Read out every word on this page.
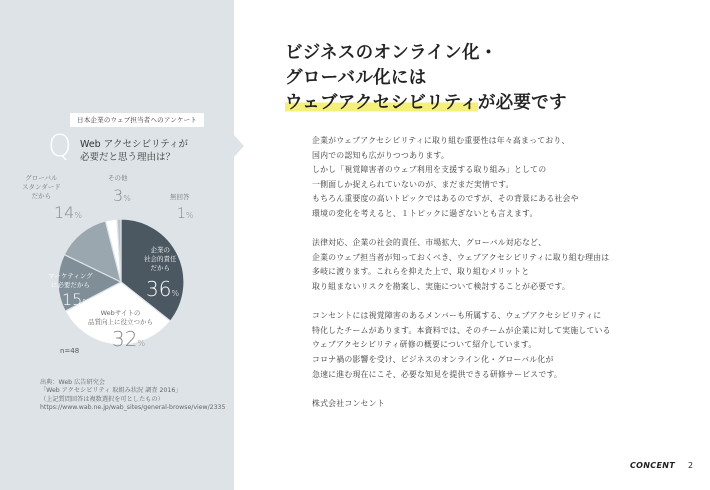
日本企業のウェブ担当者へのアンケート
Q Web アクセシビリティが
必要だと思う理由は？
企業の
社会的責任
だから
36%
Webサイトの
品質向上に役立つから
32%
マーケティング
に必要だから
15%
グローバル
スタンダード
だから
14%
その他
3%	無回答
1%
n=48
出典：Web 広告研究会
「Web アクセシビリティ 取組み状況 調査 2016」
（上記質問回答は複数選択を可としたもの）
https://www.wab.ne.jp/wab_sites/general-browse/view/2335
ビジネスのオンライン化・
グローバル化には
ウェブアクセシビリティが必要です

企業がウェブアクセシビリティに取り組む重要性は年々高まっており、
国内での認知も広がりつつあります。
しかし「視覚障害者のウェブ利用を支援する取り組み」としての
一側面しか捉えられていないのが、まだまだ実情です。
もちろん重要度の高いトピックではあるのですが、その背景にある社会や
環境の変化を考えると、１トピックに過ぎないとも言えます。

法律対応、企業の社会的責任、市場拡大、グローバル対応など、
企業のウェブ担当者が知っておくべき、ウェブアクセシビリティに取り組む理由は
多岐に渡ります。これらを抑えた上で、取り組むメリットと
取り組まないリスクを勘案し、実施について検討することが必要です。

コンセントには視覚障害のあるメンバーも所属する、ウェブアクセシビリティに
特化したチームがあります。本資料では、そのチームが企業に対して実施している
ウェブアクセシビリティ研修の概要について紹介しています。
コロナ禍の影響を受け、ビジネスのオンライン化・グローバル化が
急速に進む現在にこそ、必要な知見を提供できる研修サービスです。

株式会社コンセント

CONCENT 2
